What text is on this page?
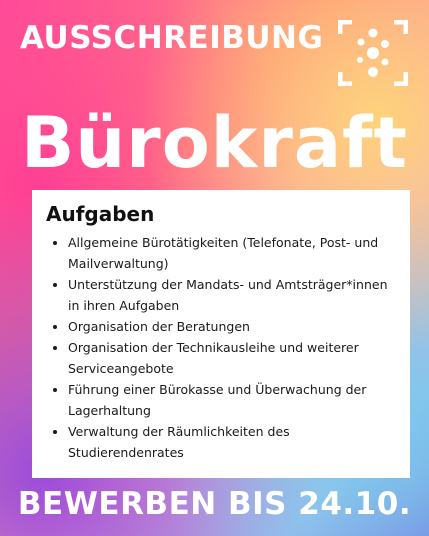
AUSSCHREIBUNG
Bürokraft
Aufgaben
• Allgemeine Bürotätigkeiten (Telefonate, Post- und Mailverwaltung)
• Unterstützung der Mandats- und Amtsträger*innen in ihren Aufgaben
• Organisation der Beratungen
• Organisation der Technikausleihe und weiterer Serviceangebote
• Führung einer Bürokasse und Überwachung der Lagerhaltung
• Verwaltung der Räumlichkeiten des Studierendenrates
BEWERBEN BIS 24.10.
